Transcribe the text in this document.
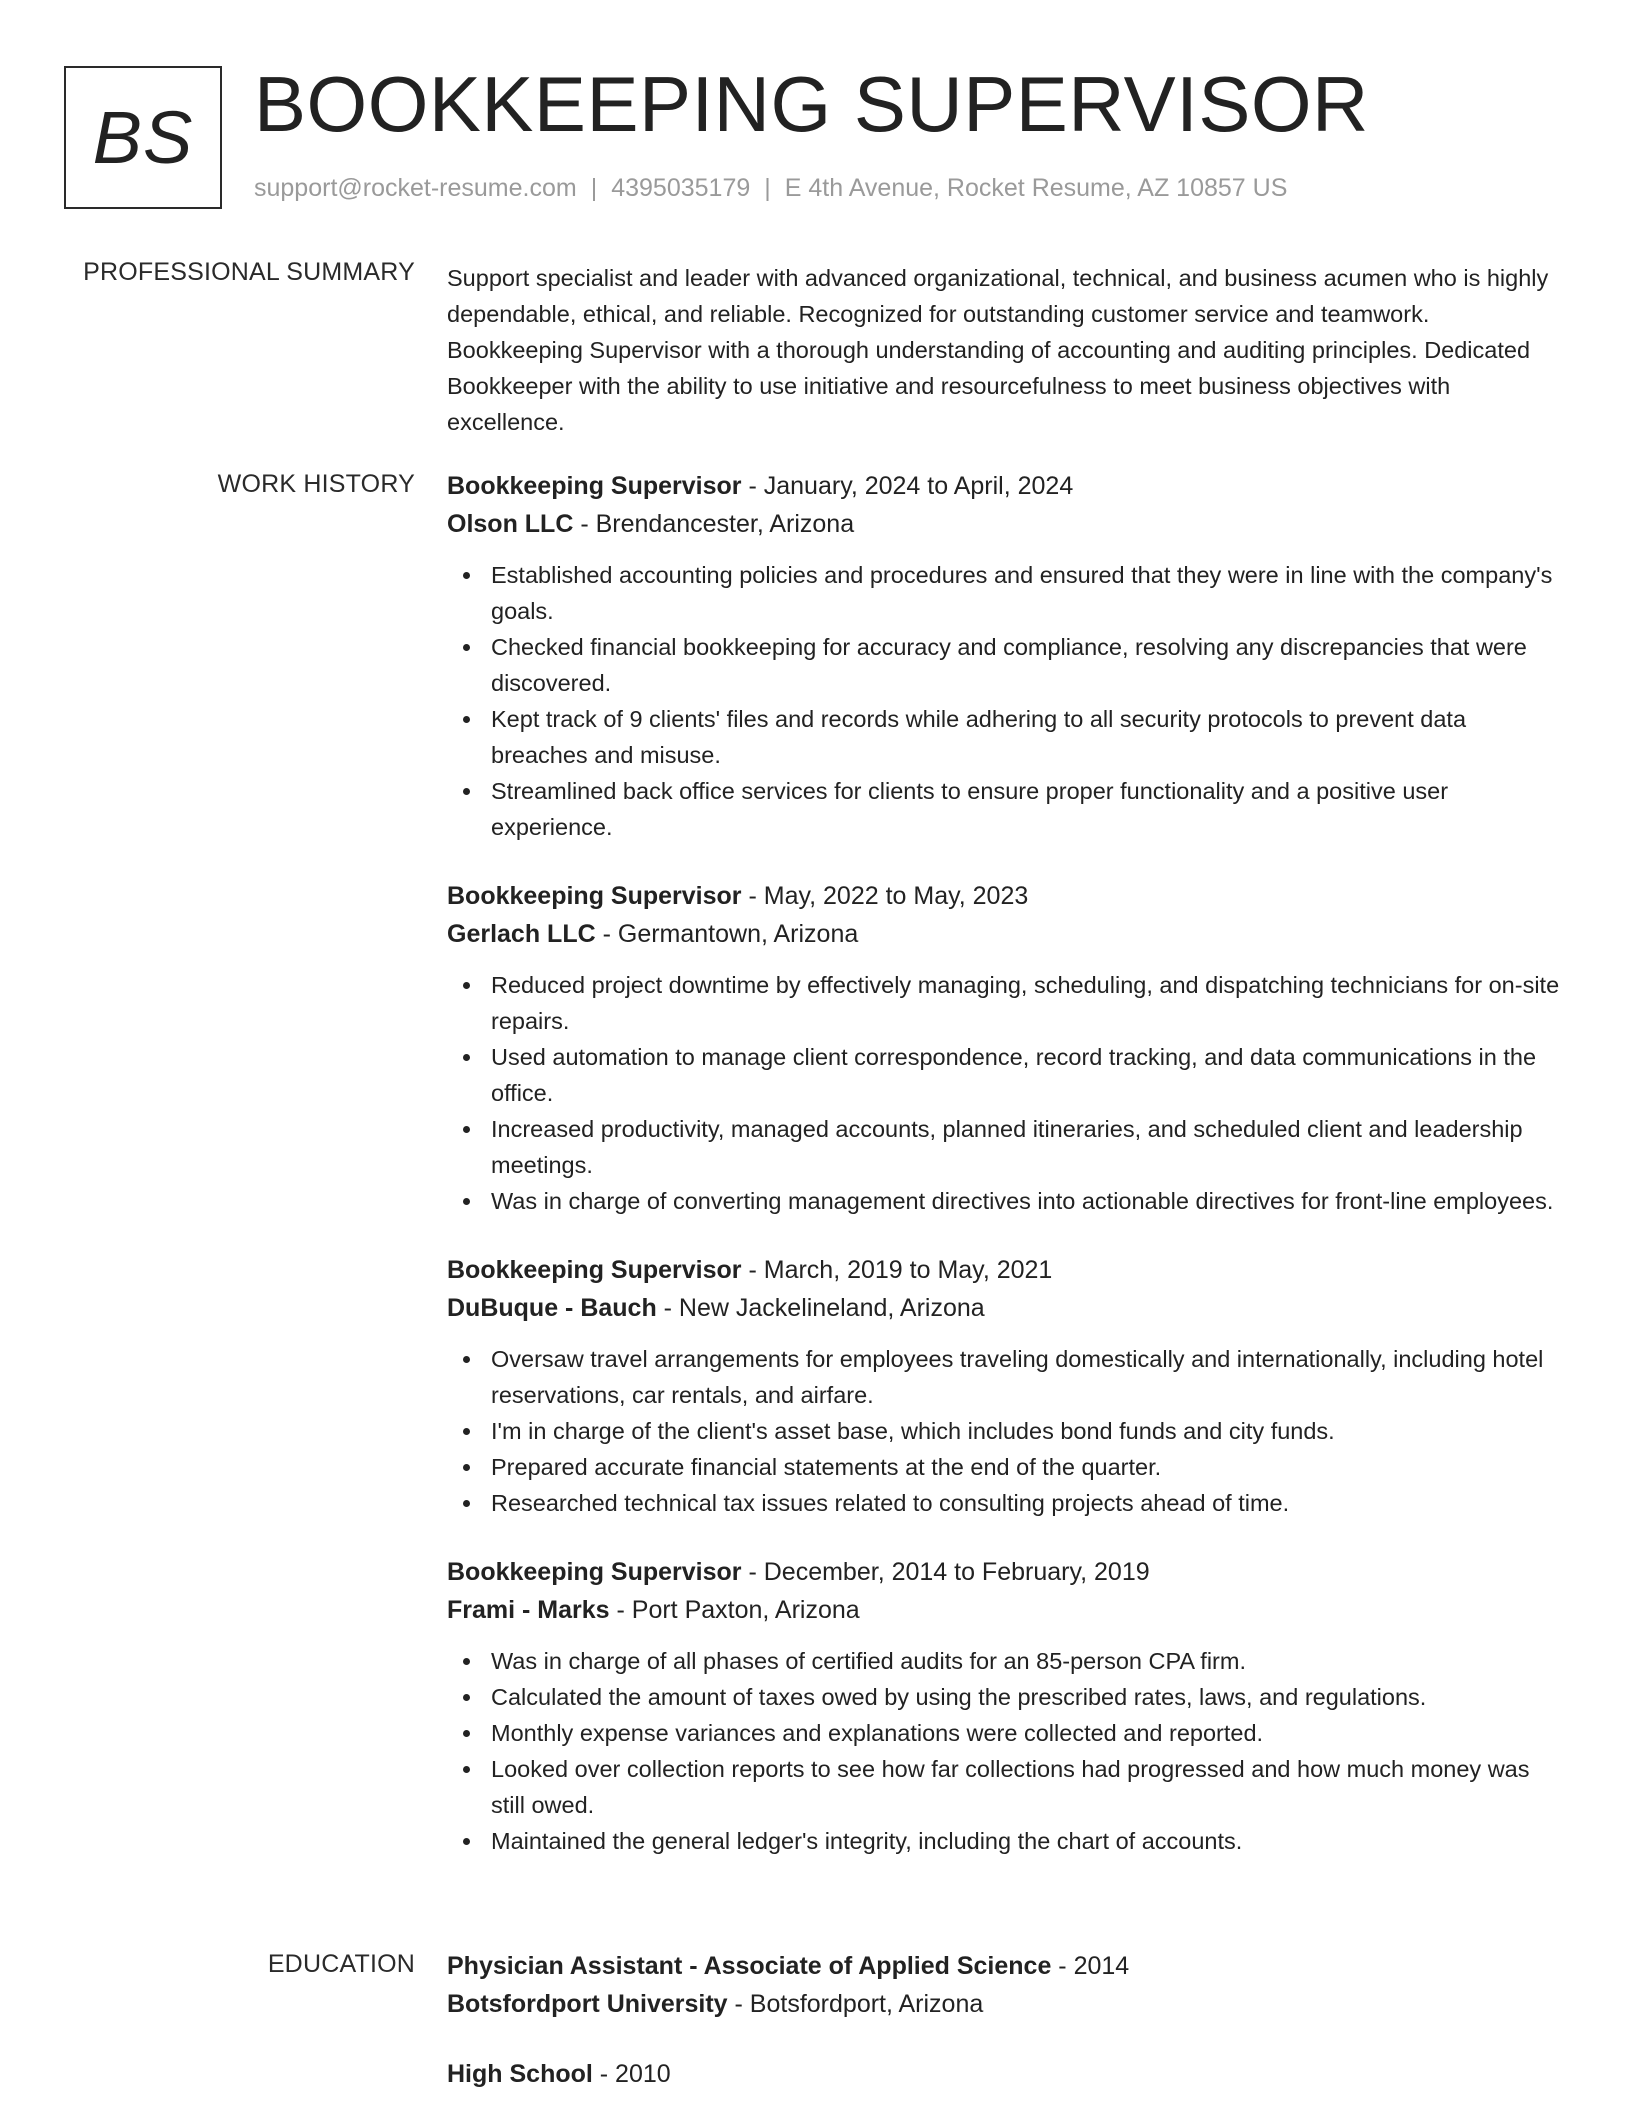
BS BOOKKEEPING SUPERVISOR
support@rocket-resume.com | 4395035179 | E 4th Avenue, Rocket Resume, AZ 10857 US
PROFESSIONAL SUMMARY Support specialist and leader with advanced organizational, technical, and business acumen who is highly dependable, ethical, and reliable. Recognized for outstanding customer service and teamwork. Bookkeeping Supervisor with a thorough understanding of accounting and auditing principles. Dedicated Bookkeeper with the ability to use initiative and resourcefulness to meet business objectives with excellence.

WORK HISTORY Bookkeeping Supervisor - January, 2024 to April, 2024
Olson LLC - Brendancester, Arizona
Established accounting policies and procedures and ensured that they were in line with the company's goals.
Checked financial bookkeeping for accuracy and compliance, resolving any discrepancies that were discovered.
Kept track of 9 clients' files and records while adhering to all security protocols to prevent data breaches and misuse.
Streamlined back office services for clients to ensure proper functionality and a positive user experience.
Bookkeeping Supervisor - May, 2022 to May, 2023
Gerlach LLC - Germantown, Arizona
Reduced project downtime by effectively managing, scheduling, and dispatching technicians for on-site repairs.
Used automation to manage client correspondence, record tracking, and data communications in the office.
Increased productivity, managed accounts, planned itineraries, and scheduled client and leadership meetings.
Was in charge of converting management directives into actionable directives for front-line employees.
Bookkeeping Supervisor - March, 2019 to May, 2021
DuBuque - Bauch - New Jackelineland, Arizona
Oversaw travel arrangements for employees traveling domestically and internationally, including hotel reservations, car rentals, and airfare.
I'm in charge of the client's asset base, which includes bond funds and city funds.
Prepared accurate financial statements at the end of the quarter.
Researched technical tax issues related to consulting projects ahead of time.
Bookkeeping Supervisor - December, 2014 to February, 2019
Frami - Marks - Port Paxton, Arizona
Was in charge of all phases of certified audits for an 85-person CPA firm.
Calculated the amount of taxes owed by using the prescribed rates, laws, and regulations.
Monthly expense variances and explanations were collected and reported.
Looked over collection reports to see how far collections had progressed and how much money was still owed.
Maintained the general ledger's integrity, including the chart of accounts.
EDUCATION Physician Assistant - Associate of Applied Science - 2014
Botsfordport University - Botsfordport, Arizona
High School - 2010
